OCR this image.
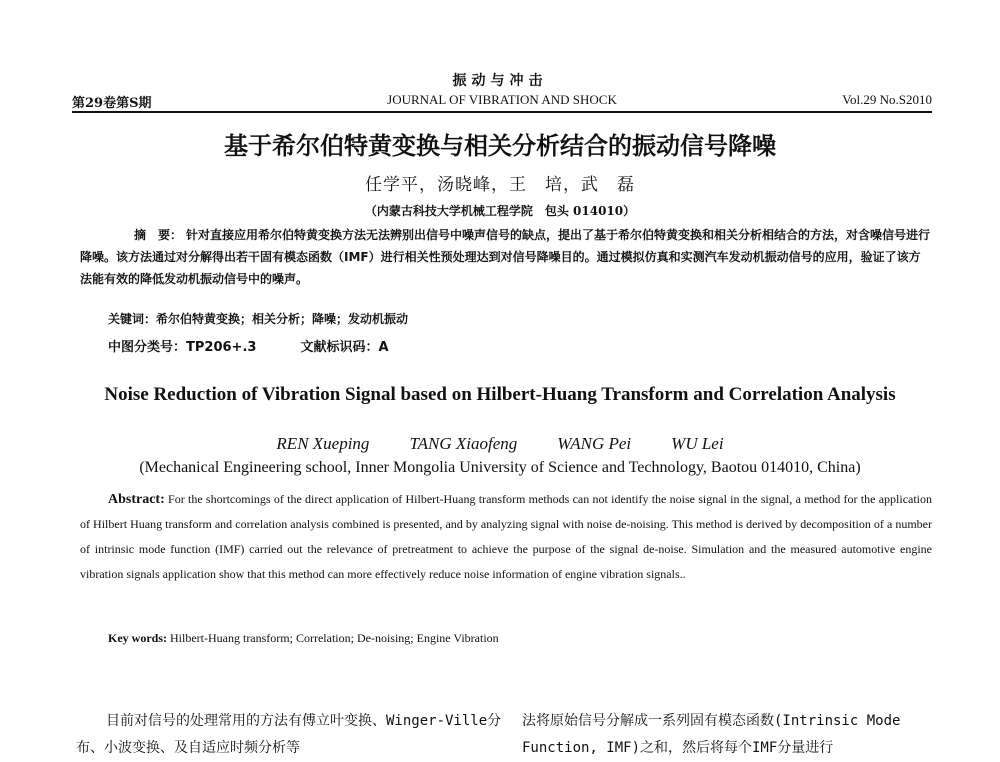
振动与冲击
第29卷第S期	JOURNAL OF VIBRATION AND SHOCK	Vol.29 No.S2010
基于希尔伯特黄变换与相关分析结合的振动信号降噪
任学平，汤晓峰，王　培，武　磊
（内蒙古科技大学机械工程学院　包头 014010）
摘　要： 针对直接应用希尔伯特黄变换方法无法辨别出信号中噪声信号的缺点，提出了基于希尔伯特黄变换和相关分析相结合的方法，对含噪信号进行降噪。该方法通过对分解得出若干固有模态函数（IMF）进行相关性预处理达到对信号降噪目的。通过模拟仿真和实测汽车发动机振动信号的应用，验证了该方法能有效的降低发动机振动信号中的噪声。
关键词：希尔伯特黄变换；相关分析；降噪；发动机振动
中图分类号：TP206+.3	文献标识码：A
Noise Reduction of Vibration Signal based on Hilbert-Huang Transform and Correlation Analysis
REN Xueping TANG Xiaofeng WANG Pei WU Lei
(Mechanical Engineering school, Inner Mongolia University of Science and Technology, Baotou 014010, China)
Abstract: For the shortcomings of the direct application of Hilbert-Huang transform methods can not identify the noise signal in the signal, a method for the application of Hilbert Huang transform and correlation analysis combined is presented, and by analyzing signal with noise de-noising. This method is derived by decomposition of a number of intrinsic mode function (IMF) carried out the relevance of pretreatment to achieve the purpose of the signal de-noise. Simulation and the measured automotive engine vibration signals application show that this method can more effectively reduce noise information of engine vibration signals..
Key words: Hilbert-Huang transform; Correlation; De-noising; Engine Vibration
目前对信号的处理常用的方法有傅立叶变换、Winger-Ville分布、小波变换、及自适应时频分析等
法将原始信号分解成一系列固有模态函数(Intrinsic Mode Function, IMF)之和，然后将每个IMF分量进行
